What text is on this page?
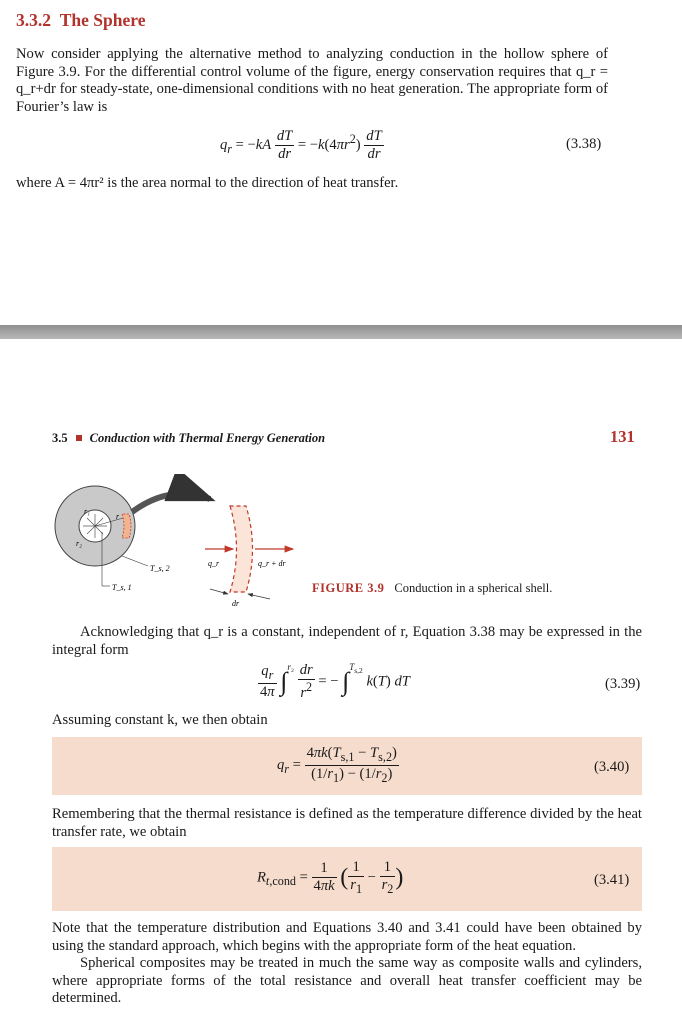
3.3.2 The Sphere
Now consider applying the alternative method to analyzing conduction in the hollow sphere of Figure 3.9. For the differential control volume of the figure, energy conservation requires that q_r = q_r+dr for steady-state, one-dimensional conditions with no heat generation. The appropriate form of Fourier’s law is
$q_r = -kA \frac{dT}{dr} = -k(4\pi r^2) \frac{dT}{dr}$	(3.38)
where A = 4πr² is the area normal to the direction of heat transfer.
3.5 Conduction with Thermal Energy Generation	131
r₁
r
r₂
T_s, 2
T_s, 1
q_r	q_r + dr
dr
FIGURE 3.9 Conduction in a spherical shell.
Acknowledging that q_r is a constant, independent of r, Equation 3.38 may be expressed in the integral form
$\frac{q_r}{4\pi} \int^{r_2} \frac{dr}{r^2}$ = − ∫$^{T_{s,2}}$ k(T) dT	(3.39)
Assuming constant k, we then obtain
$q_r = \frac{4\pi k(T_{s,1} - T_{s,2})}{(1/r_1) - (1/r_2)}$	(3.40)
Remembering that the thermal resistance is defined as the temperature difference divided by the heat transfer rate, we obtain
$R_{t,cond} = \frac{1}{4\pi k}$ ( $\frac{1}{r_1} - \frac{1}{r_2}$ )	(3.41)
Note that the temperature distribution and Equations 3.40 and 3.41 could have been obtained by using the standard approach, which begins with the appropriate form of the heat equation.
Spherical composites may be treated in much the same way as composite walls and cylinders, where appropriate forms of the total resistance and overall heat transfer coefficient may be determined.
